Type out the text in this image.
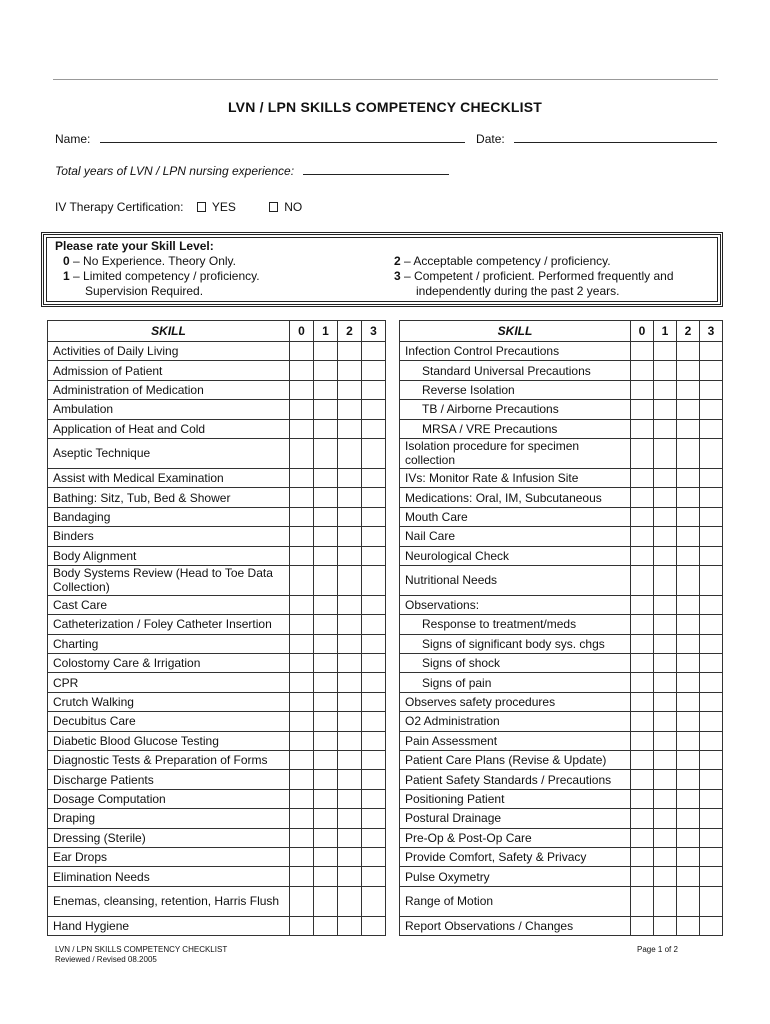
LVN / LPN SKILLS COMPETENCY CHECKLIST
Name:	Date:
Total years of LVN / LPN nursing experience:
IV Therapy Certification: YES	NO
Please rate your Skill Level:
0 – No Experience. Theory Only.
1 – Limited competency / proficiency.
Supervision Required.
2 – Acceptable competency / proficiency.
3 – Competent / proficient. Performed frequently and
independently during the past 2 years.
SKILL	0	1	2	3
Activities of Daily Living				
Admission of Patient				
Administration of Medication				
Ambulation				
Application of Heat and Cold				
Aseptic Technique				
Assist with Medical Examination				
Bathing: Sitz, Tub, Bed & Shower				
Bandaging				
Binders				
Body Alignment				
Body Systems Review (Head to Toe Data Collection)				
Cast Care				
Catheterization / Foley Catheter Insertion				
Charting				
Colostomy Care & Irrigation				
CPR				
Crutch Walking				
Decubitus Care				
Diabetic Blood Glucose Testing				
Diagnostic Tests & Preparation of Forms				
Discharge Patients				
Dosage Computation				
Draping				
Dressing (Sterile)				
Ear Drops				
Elimination Needs				
Enemas, cleansing, retention, Harris Flush				
Hand Hygiene				
SKILL	0	1	2	3
Infection Control Precautions				
Standard Universal Precautions				
Reverse Isolation				
TB / Airborne Precautions				
MRSA / VRE Precautions				
Isolation procedure for specimen collection				
IVs: Monitor Rate & Infusion Site				
Medications: Oral, IM, Subcutaneous				
Mouth Care				
Nail Care				
Neurological Check				
Nutritional Needs				
Observations:				
Response to treatment/meds				
Signs of significant body sys. chgs				
Signs of shock				
Signs of pain				
Observes safety procedures				
O2 Administration				
Pain Assessment				
Patient Care Plans (Revise & Update)				
Patient Safety Standards / Precautions				
Positioning Patient				
Postural Drainage				
Pre-Op & Post-Op Care				
Provide Comfort, Safety & Privacy				
Pulse Oxymetry				
Range of Motion				
Report Observations / Changes				
LVN / LPN SKILLS COMPETENCY CHECKLIST
Reviewed / Revised 08.2005
Page 1 of 2
